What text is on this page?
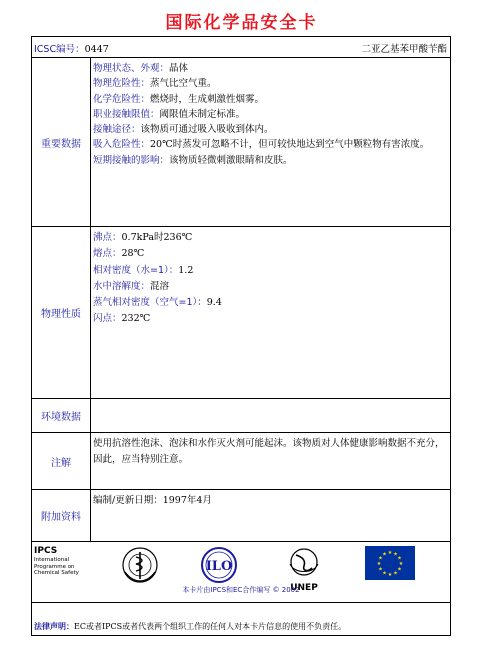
国际化学品安全卡
ICSC编号：0447	二亚乙基苯甲酸苄酯
重要数据

物理状态、外观：晶体

物理危险性：蒸气比空气重。

化学危险性：燃烧时，生成刺激性烟雾。

职业接触限值：阈限值未制定标准。

接触途径：该物质可通过吸入吸收到体内。

吸入危险性：20℃时蒸发可忽略不计，但可较快地达到空气中颗粒物有害浓度。

短期接触的影响：该物质轻微刺激眼睛和皮肤。

物理性质

沸点：0.7kPa时236℃

熔点：28℃

相对密度（水=1）：1.2

水中溶解度：混溶

蒸气相对密度（空气=1）：9.4

闪点：232℃

环境数据
注解
使用抗溶性泡沫、泡沫和水作灭火剂可能起沫。该物质对人体健康影响数据不充分，因此，应当特别注意。
附加资料
编制/更新日期：1997年4月
IPCS
International
Programme on
Chemical Safety	ILO
UNEP
★
★
★
★
★
★
★
★
★ ★ ★
★
本卡片由IPCS和EC合作编写 © 2002
法律声明：EC或者IPCS或者代表两个组织工作的任何人对本卡片信息的使用不负责任。
